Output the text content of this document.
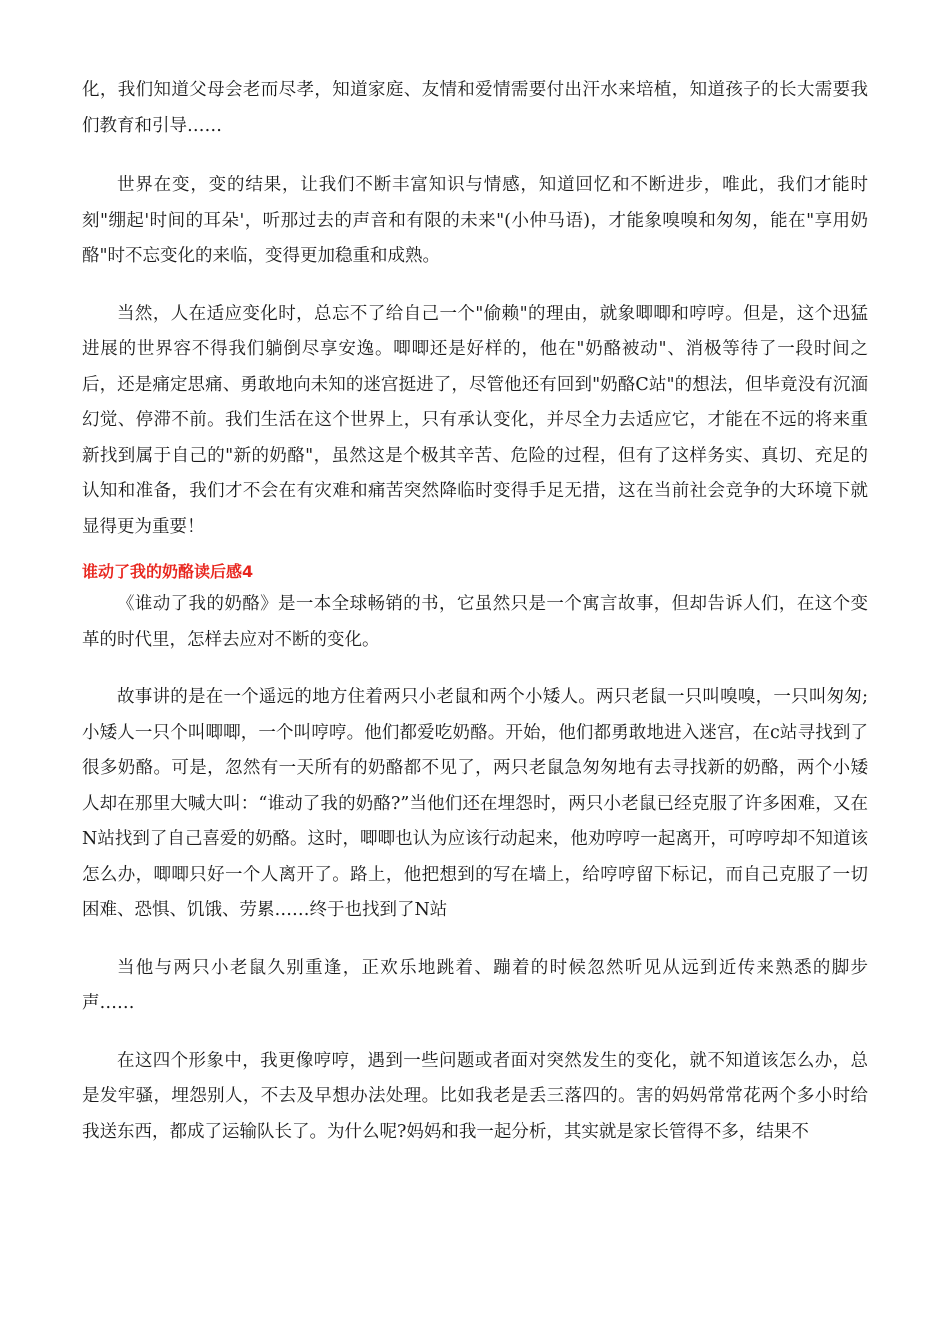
化，我们知道父母会老而尽孝，知道家庭、友情和爱情需要付出汗水来培植，知道孩子的长大需要我们教育和引导……

世界在变，变的结果，让我们不断丰富知识与情感，知道回忆和不断进步，唯此，我们才能时刻"绷起'时间的耳朵'，听那过去的声音和有限的未来"(小仲马语)，才能象嗅嗅和匆匆，能在"享用奶酪"时不忘变化的来临，变得更加稳重和成熟。

当然，人在适应变化时，总忘不了给自己一个"偷赖"的理由，就象唧唧和哼哼。但是，这个迅猛进展的世界容不得我们躺倒尽享安逸。唧唧还是好样的，他在"奶酪被动"、消极等待了一段时间之后，还是痛定思痛、勇敢地向未知的迷宫挺进了，尽管他还有回到"奶酪C站"的想法，但毕竟没有沉湎幻觉、停滞不前。我们生活在这个世界上，只有承认变化，并尽全力去适应它，才能在不远的将来重新找到属于自己的"新的奶酪"，虽然这是个极其辛苦、危险的过程，但有了这样务实、真切、充足的认知和准备，我们才不会在有灾难和痛苦突然降临时变得手足无措，这在当前社会竞争的大环境下就显得更为重要！

谁动了我的奶酪读后感4

《谁动了我的奶酪》是一本全球畅销的书，它虽然只是一个寓言故事，但却告诉人们，在这个变革的时代里，怎样去应对不断的变化。

故事讲的是在一个遥远的地方住着两只小老鼠和两个小矮人。两只老鼠一只叫嗅嗅，一只叫匆匆;小矮人一只个叫唧唧，一个叫哼哼。他们都爱吃奶酪。开始，他们都勇敢地进入迷宫，在c站寻找到了很多奶酪。可是，忽然有一天所有的奶酪都不见了，两只老鼠急匆匆地有去寻找新的奶酪，两个小矮人却在那里大喊大叫：“谁动了我的奶酪?”当他们还在埋怨时，两只小老鼠已经克服了许多困难，又在N站找到了自己喜爱的奶酪。这时，唧唧也认为应该行动起来，他劝哼哼一起离开，可哼哼却不知道该怎么办，唧唧只好一个人离开了。路上，他把想到的写在墙上，给哼哼留下标记，而自己克服了一切困难、恐惧、饥饿、劳累……终于也找到了N站

当他与两只小老鼠久别重逢，正欢乐地跳着、蹦着的时候忽然听见从远到近传来熟悉的脚步声……

在这四个形象中，我更像哼哼，遇到一些问题或者面对突然发生的变化，就不知道该怎么办，总是发牢骚，埋怨别人，不去及早想办法处理。比如我老是丢三落四的。害的妈妈常常花两个多小时给我送东西，都成了运输队长了。为什么呢?妈妈和我一起分析，其实就是家长管得不多，结果不
